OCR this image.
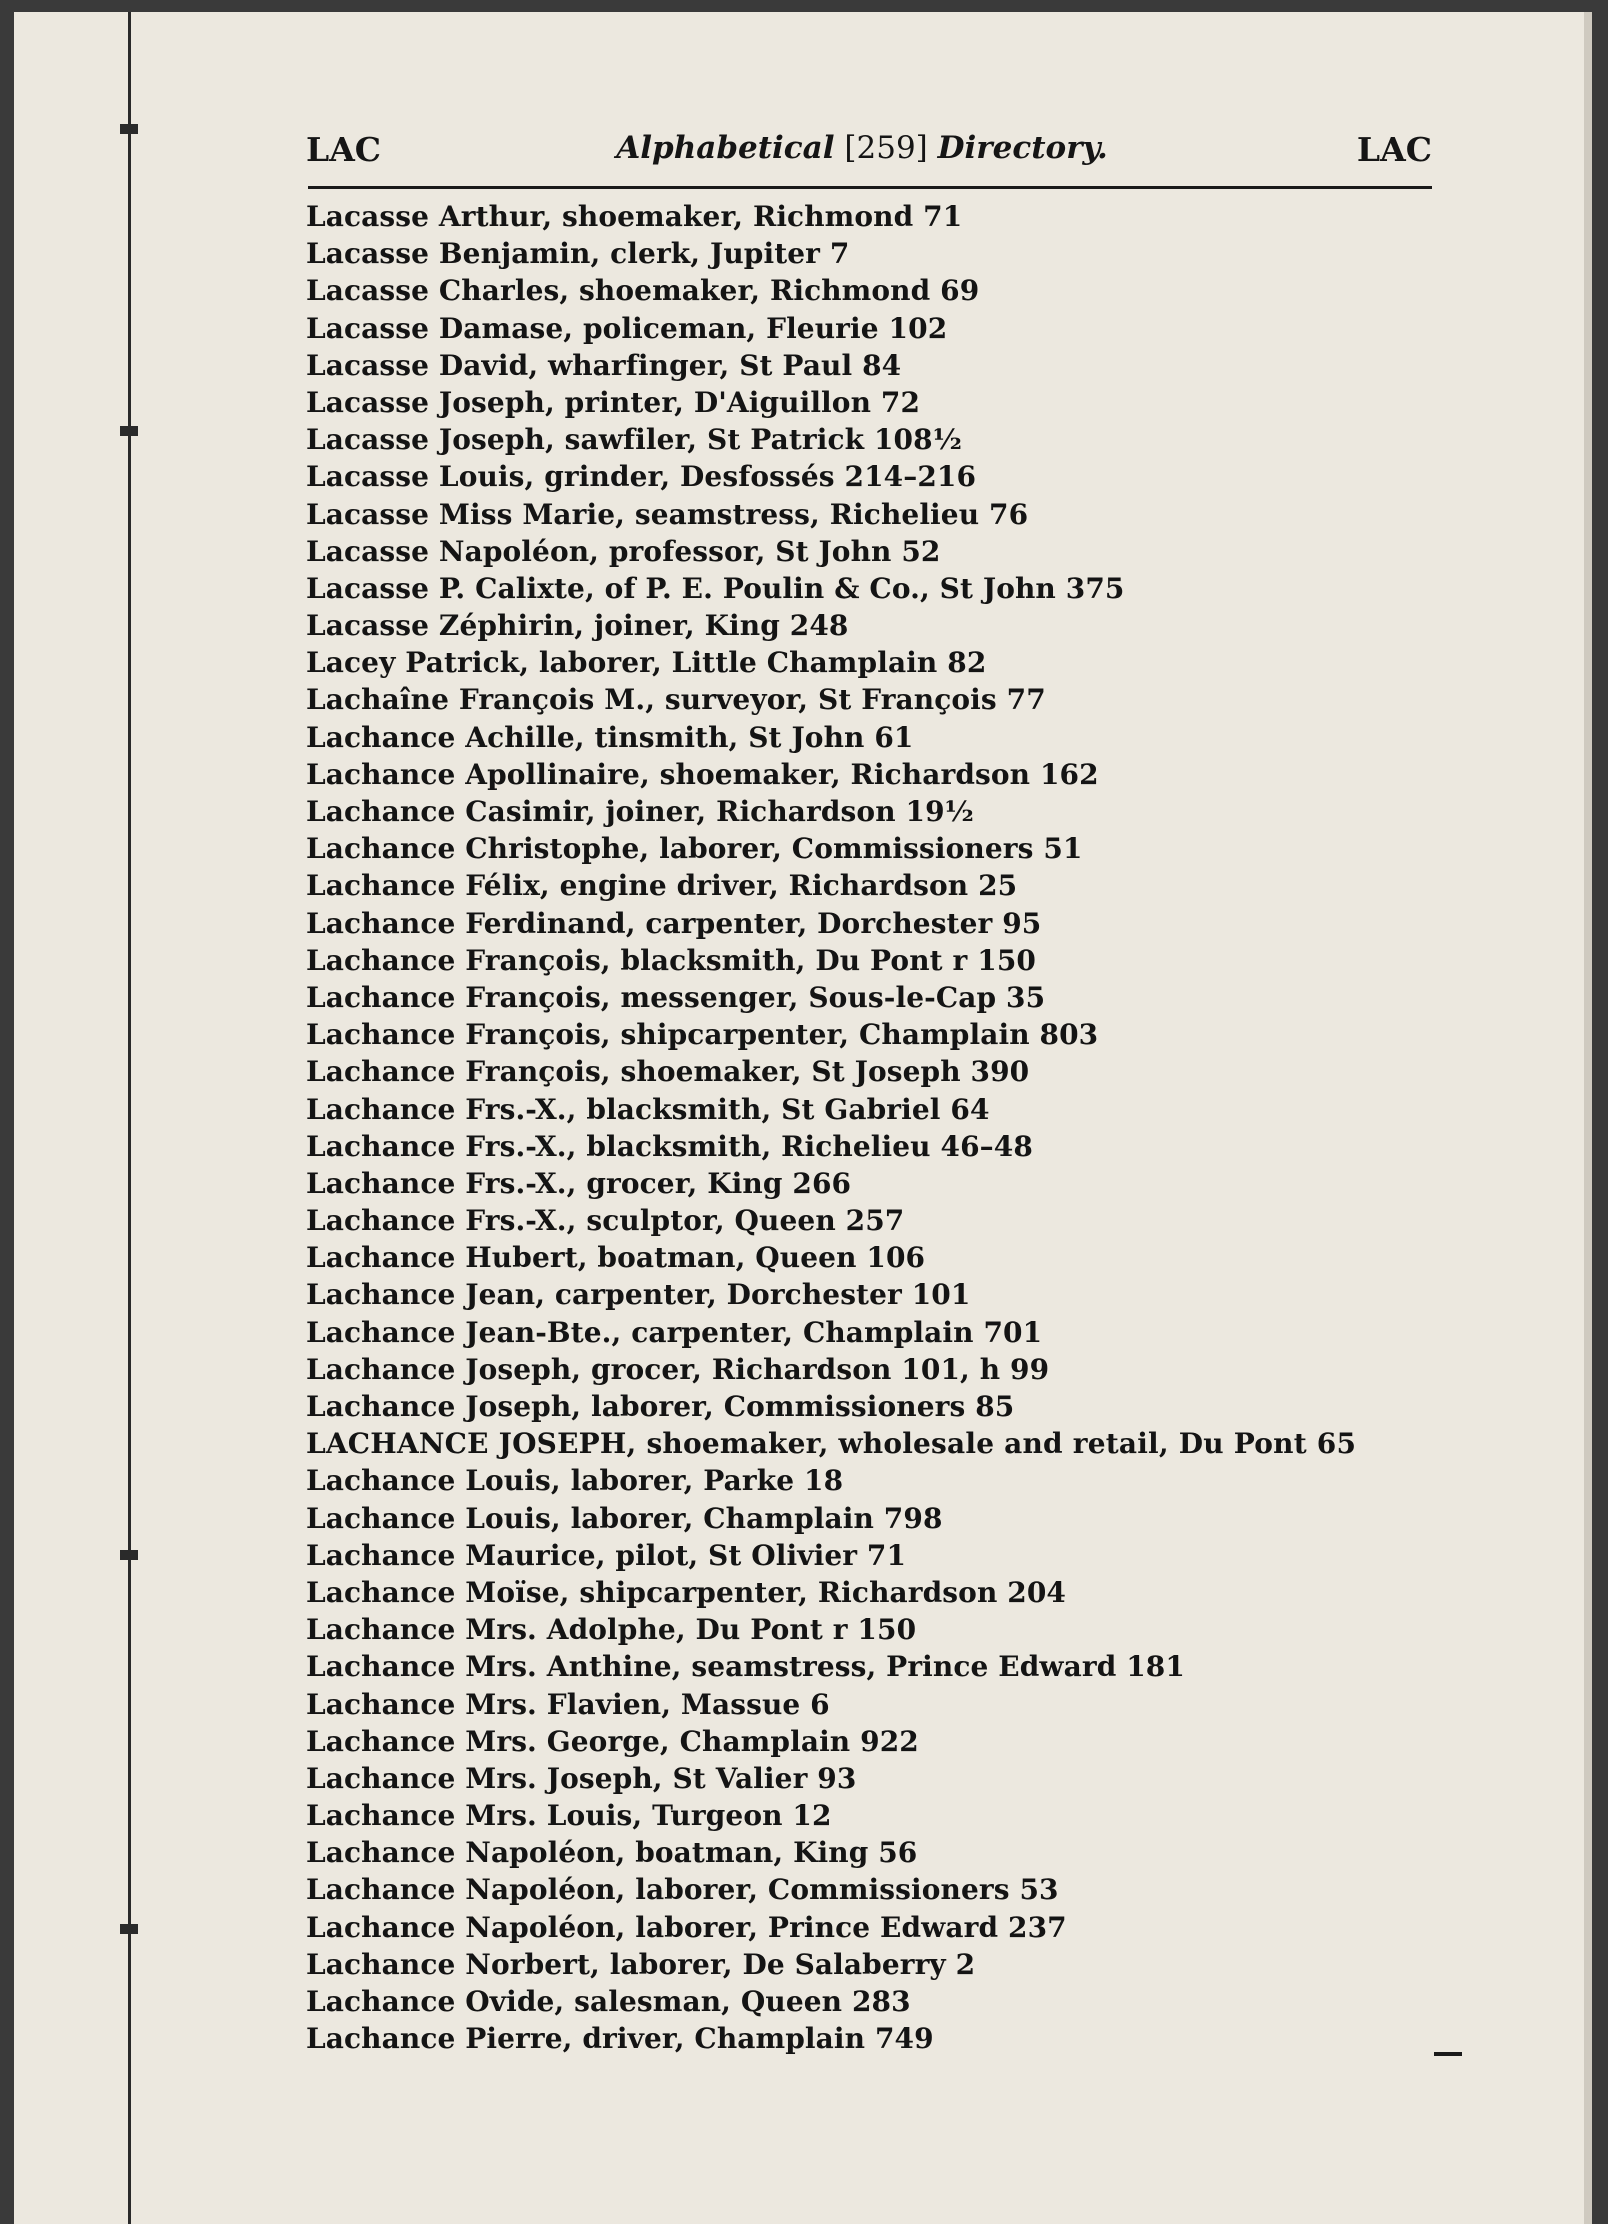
LAC	Alphabetical [259] Directory.	LAC
Lacasse Arthur, shoemaker, Richmond 71
Lacasse Benjamin, clerk, Jupiter 7
Lacasse Charles, shoemaker, Richmond 69
Lacasse Damase, policeman, Fleurie 102
Lacasse David, wharfinger, St Paul 84
Lacasse Joseph, printer, D'Aiguillon 72
Lacasse Joseph, sawfiler, St Patrick 108½
Lacasse Louis, grinder, Desfossés 214–216
Lacasse Miss Marie, seamstress, Richelieu 76
Lacasse Napoléon, professor, St John 52
Lacasse P. Calixte, of P. E. Poulin & Co., St John 375
Lacasse Zéphirin, joiner, King 248
Lacey Patrick, laborer, Little Champlain 82
Lachaîne François M., surveyor, St François 77
Lachance Achille, tinsmith, St John 61
Lachance Apollinaire, shoemaker, Richardson 162
Lachance Casimir, joiner, Richardson 19½
Lachance Christophe, laborer, Commissioners 51
Lachance Félix, engine driver, Richardson 25
Lachance Ferdinand, carpenter, Dorchester 95
Lachance François, blacksmith, Du Pont r 150
Lachance François, messenger, Sous-le-Cap 35
Lachance François, shipcarpenter, Champlain 803
Lachance François, shoemaker, St Joseph 390
Lachance Frs.-X., blacksmith, St Gabriel 64
Lachance Frs.-X., blacksmith, Richelieu 46–48
Lachance Frs.-X., grocer, King 266
Lachance Frs.-X., sculptor, Queen 257
Lachance Hubert, boatman, Queen 106
Lachance Jean, carpenter, Dorchester 101
Lachance Jean-Bte., carpenter, Champlain 701
Lachance Joseph, grocer, Richardson 101, h 99
Lachance Joseph, laborer, Commissioners 85
LACHANCE JOSEPH, shoemaker, wholesale and retail, Du Pont 65
Lachance Louis, laborer, Parke 18
Lachance Louis, laborer, Champlain 798
Lachance Maurice, pilot, St Olivier 71
Lachance Moïse, shipcarpenter, Richardson 204
Lachance Mrs. Adolphe, Du Pont r 150
Lachance Mrs. Anthine, seamstress, Prince Edward 181
Lachance Mrs. Flavien, Massue 6
Lachance Mrs. George, Champlain 922
Lachance Mrs. Joseph, St Valier 93
Lachance Mrs. Louis, Turgeon 12
Lachance Napoléon, boatman, King 56
Lachance Napoléon, laborer, Commissioners 53
Lachance Napoléon, laborer, Prince Edward 237
Lachance Norbert, laborer, De Salaberry 2
Lachance Ovide, salesman, Queen 283
Lachance Pierre, driver, Champlain 749
